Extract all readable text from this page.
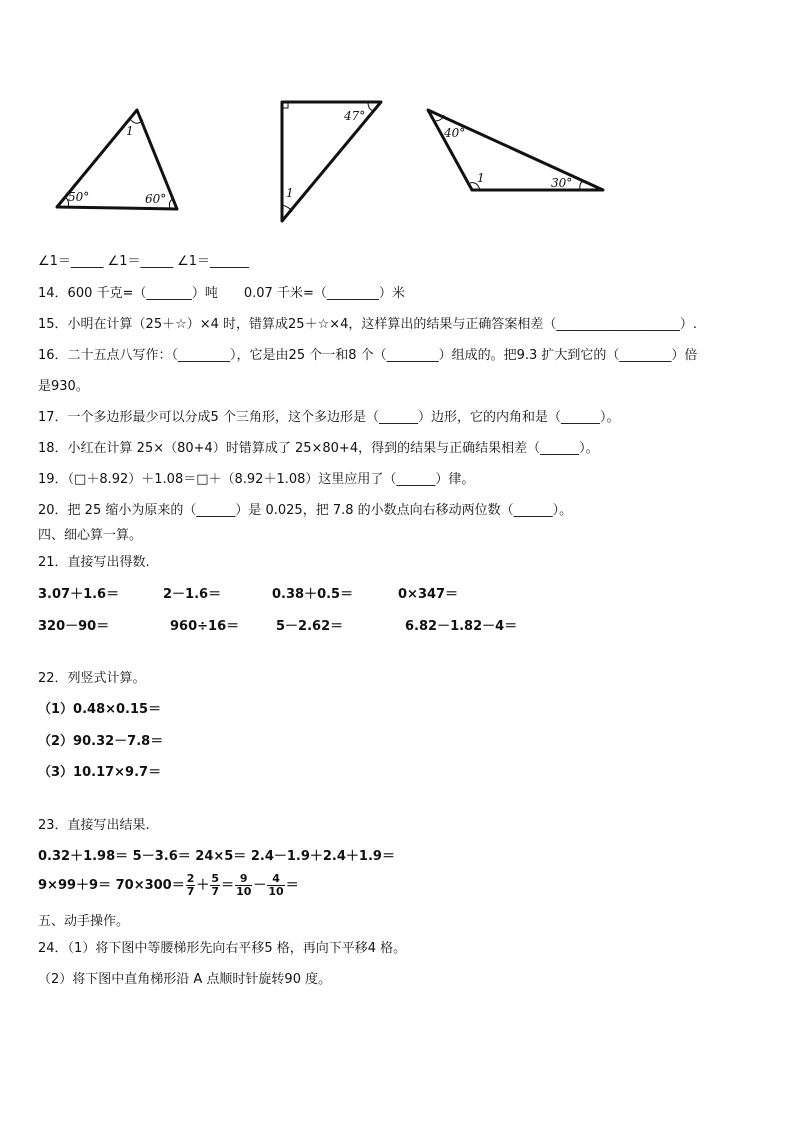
1
50°	60°
47°
1
40°
1	30°
∠1＝_____ ∠1＝_____ ∠1＝______
14．600 千克=（_______）吨　　0.07 千米=（________）米
15．小明在计算（25＋☆）×4 时，错算成25＋☆×4，这样算出的结果与正确答案相差（___________________）.
16．二十五点八写作：（________），它是由25 个一和8 个（________）组成的。把9.3 扩大到它的（________）倍
是930。
17．一个多边形最少可以分成5 个三角形，这个多边形是（______）边形，它的内角和是（______）。
18．小红在计算 25×（80+4）时错算成了 25×80+4，得到的结果与正确结果相差（______）。
19．（□＋8.92）＋1.08＝□＋（8.92＋1.08）这里应用了（______）律。
20．把 25 缩小为原来的（______）是 0.025，把 7.8 的小数点向右移动两位数（______）。
四、细心算一算。
21．直接写出得数.
3.07＋1.6＝	2－1.6＝	0.38＋0.5＝	0×347＝
320－90＝	960÷16＝	5－2.62＝	6.82－1.82－4＝
22．列竖式计算。
（1）0.48×0.15＝
（2）90.32－7.8＝
（3）10.17×9.7＝
23．直接写出结果.
0.32＋1.98＝ 5－3.6＝ 24×5＝ 2.4－1.9＋2.4＋1.9＝
$9\times 99+9= 70\times 300= \frac{2}{7} + \frac{5}{7} = \frac{9}{10} - \frac{4}{10}$ ＝
五、动手操作。
24．（1）将下图中等腰梯形先向右平移5 格，再向下平移4 格。
（2）将下图中直角梯形沿 A 点顺时针旋转90 度。
